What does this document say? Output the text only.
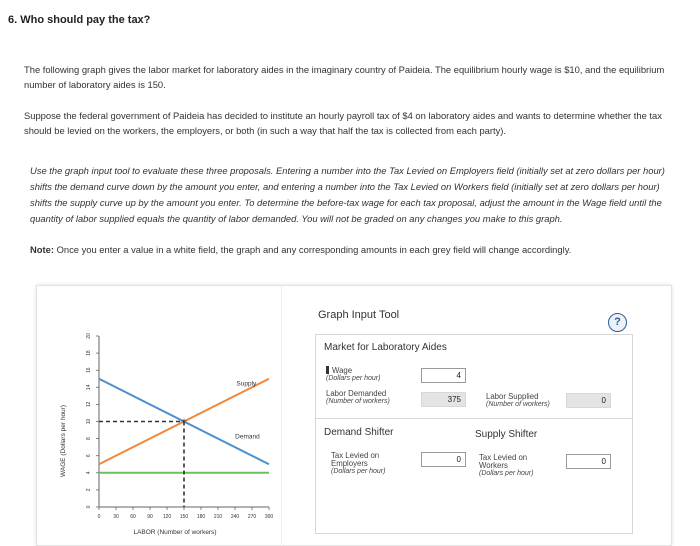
6. Who should pay the tax?
The following graph gives the labor market for laboratory aides in the imaginary country of Paideia. The equilibrium hourly wage is $10, and the equilibrium number of laboratory aides is 150.
Suppose the federal government of Paideia has decided to institute an hourly payroll tax of $4 on laboratory aides and wants to determine whether the tax should be levied on the workers, the employers, or both (in such a way that half the tax is collected from each party).
Use the graph input tool to evaluate these three proposals. Entering a number into the Tax Levied on Employers field (initially set at zero dollars per hour) shifts the demand curve down by the amount you enter, and entering a number into the Tax Levied on Workers field (initially set at zero dollars per hour) shifts the supply curve up by the amount you enter. To determine the before-tax wage for each tax proposal, adjust the amount in the Wage field until the quantity of labor supplied equals the quantity of labor demanded. You will not be graded on any changes you make to this graph.
Note: Once you enter a value in a white field, the graph and any corresponding amounts in each grey field will change accordingly.
0
2
4
6
8
10
12
14
16
18
20
0	30 60 90 120 150 180 210 240 270 300
+
Supply
Demand
WAGE (Dollars per hour)
LABOR (Number of workers)
Graph Input Tool
?
Market for Laboratory Aides
Wage
(Dollars per hour)	4
Labor Demanded
(Number of workers)	375	Labor Supplied
(Number of workers)	0
Demand Shifter	Supply Shifter
Tax Levied on Employers
(Dollars per hour)
0	Tax Levied on Workers
(Dollars per hour)
0
